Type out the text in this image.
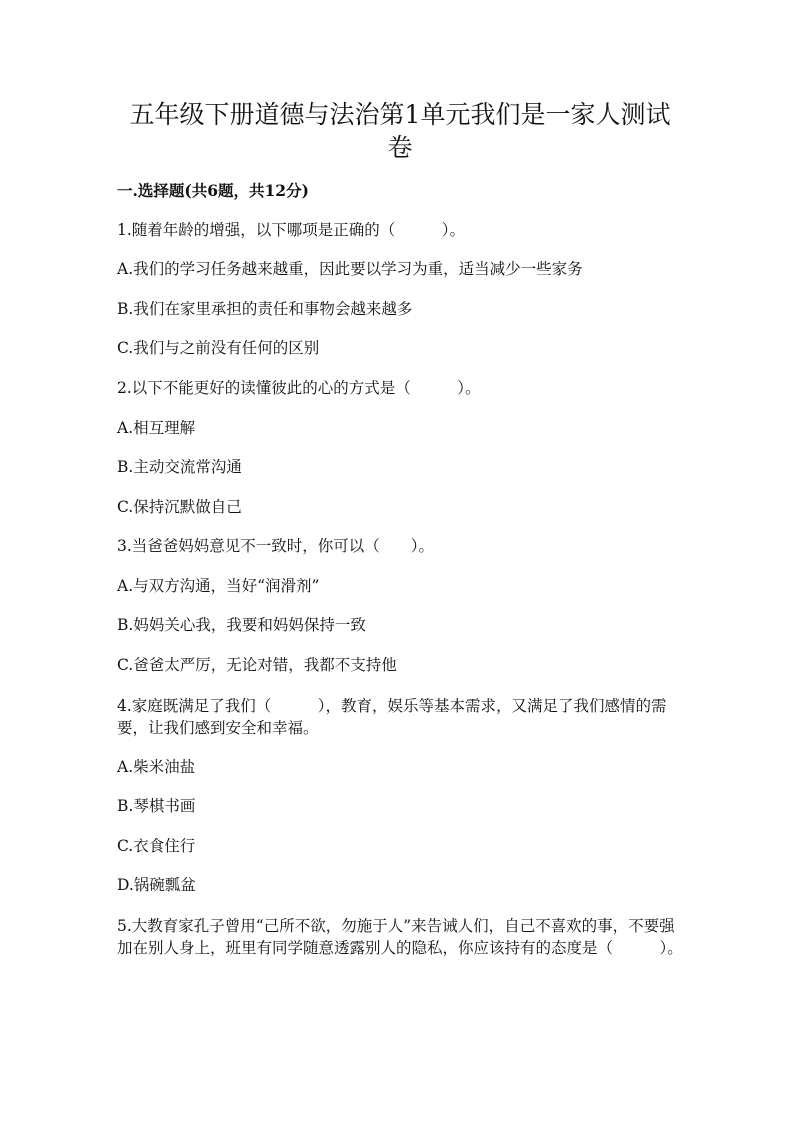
五年级下册道德与法治第1单元我们是一家人测试卷

一.选择题(共6题，共12分)

1.随着年龄的增强，以下哪项是正确的（　　　）。

A.我们的学习任务越来越重，因此要以学习为重，适当减少一些家务

B.我们在家里承担的责任和事物会越来越多

C.我们与之前没有任何的区别

2.以下不能更好的读懂彼此的心的方式是（　　　）。

A.相互理解

B.主动交流常沟通

C.保持沉默做自己

3.当爸爸妈妈意见不一致时，你可以（　　）。

A.与双方沟通，当好“润滑剂”

B.妈妈关心我，我要和妈妈保持一致

C.爸爸太严厉，无论对错，我都不支持他

4.家庭既满足了我们（　　　），教育，娱乐等基本需求，又满足了我们感情的需要，让我们感到安全和幸福。

A.柴米油盐

B.琴棋书画

C.衣食住行

D.锅碗瓢盆

5.大教育家孔子曾用“己所不欲，勿施于人”来告诫人们，自己不喜欢的事，不要强加在别人身上，班里有同学随意透露别人的隐私，你应该持有的态度是（　　　）。
